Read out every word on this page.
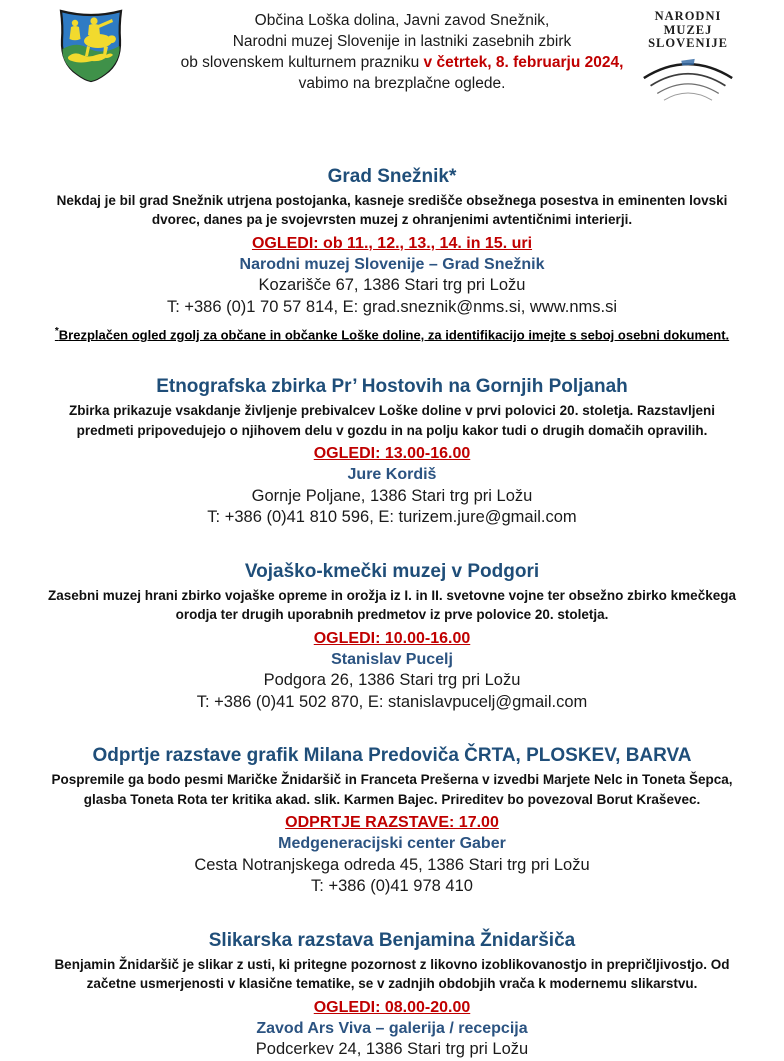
Občina Loška dolina, Javni zavod Snežnik,
Narodni muzej Slovenije in lastniki zasebnih zbirk
ob slovenskem kulturnem prazniku v četrtek, 8. februarju 2024,
vabimo na brezplačne oglede.
NARODNI
MUZEJ
SLOVENIJE
Grad Snežnik*

Nekdaj je bil grad Snežnik utrjena postojanka, kasneje središče obsežnega posestva in eminenten lovski dvorec, danes pa je svojevrsten muzej z ohranjenimi avtentičnimi interierji.

OGLEDI: ob 11., 12., 13., 14. in 15. uri

Narodni muzej Slovenije – Grad Snežnik

Kozarišče 67, 1386 Stari trg pri Ložu

T: +386 (0)1 70 57 814, E: grad.sneznik@nms.si, www.nms.si

*Brezplačen ogled zgolj za občane in občanke Loške doline, za identifikacijo imejte s seboj osebni dokument.

Etnografska zbirka Pr’ Hostovih na Gornjih Poljanah

Zbirka prikazuje vsakdanje življenje prebivalcev Loške doline v prvi polovici 20. stoletja. Razstavljeni predmeti pripovedujejo o njihovem delu v gozdu in na polju kakor tudi o drugih domačih opravilih.

OGLEDI: 13.00-16.00

Jure Kordiš

Gornje Poljane, 1386 Stari trg pri Ložu

T: +386 (0)41 810 596, E: turizem.jure@gmail.com

Vojaško-kmečki muzej v Podgori

Zasebni muzej hrani zbirko vojaške opreme in orožja iz I. in II. svetovne vojne ter obsežno zbirko kmečkega orodja ter drugih uporabnih predmetov iz prve polovice 20. stoletja.

OGLEDI: 10.00-16.00

Stanislav Pucelj

Podgora 26, 1386 Stari trg pri Ložu

T: +386 (0)41 502 870, E: stanislavpucelj@gmail.com

Odprtje razstave grafik Milana Predoviča ČRTA, PLOSKEV, BARVA

Pospremile ga bodo pesmi Maričke Žnidaršič in Franceta Prešerna v izvedbi Marjete Nelc in Toneta Šepca, glasba Toneta Rota ter kritika akad. slik. Karmen Bajec. Prireditev bo povezoval Borut Kraševec.

ODPRTJE RAZSTAVE: 17.00

Medgeneracijski center Gaber

Cesta Notranjskega odreda 45, 1386 Stari trg pri Ložu

T: +386 (0)41 978 410

Slikarska razstava Benjamina Žnidaršiča

Benjamin Žnidaršič je slikar z usti, ki pritegne pozornost z likovno izoblikovanostjo in prepričljivostjo. Od začetne usmerjenosti v klasične tematike, se v zadnjih obdobjih vrača k modernemu slikarstvu.

OGLEDI: 08.00-20.00

Zavod Ars Viva – galerija / recepcija

Podcerkev 24, 1386 Stari trg pri Ložu
